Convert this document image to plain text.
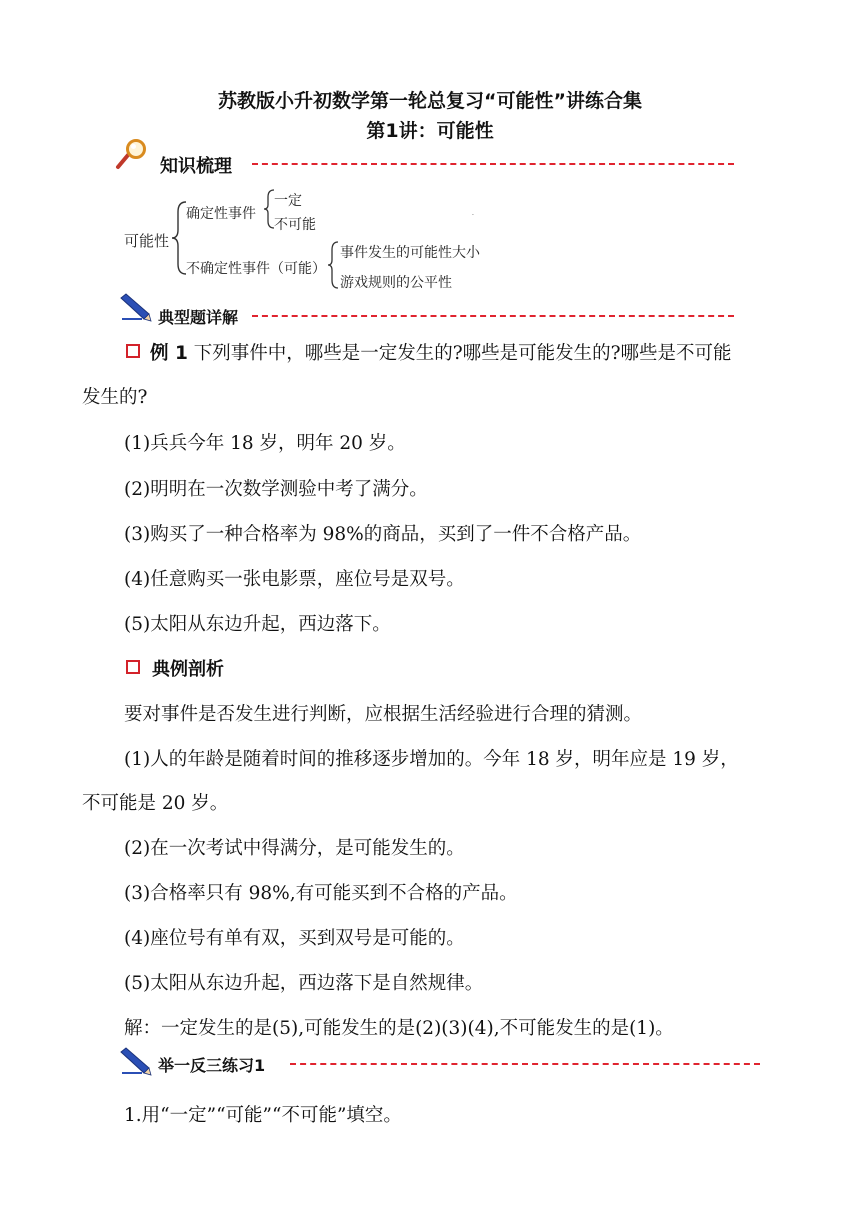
苏教版小升初数学第一轮总复习“可能性”讲练合集
第1讲：可能性
知识梳理
可能性
确定性事件
一定
不可能
.
不确定性事件（可能）
事件发生的可能性大小
游戏规则的公平性
典型题详解
例 1 下列事件中，哪些是一定发生的?哪些是可能发生的?哪些是不可能
发生的?
(1)兵兵今年 18 岁，明年 20 岁。
(2)明明在一次数学测验中考了满分。
(3)购买了一种合格率为 98%的商品，买到了一件不合格产品。
(4)任意购买一张电影票，座位号是双号。
(5)太阳从东边升起，西边落下。
典例剖析
要对事件是否发生进行判断，应根据生活经验进行合理的猜测。
(1)人的年龄是随着时间的推移逐步增加的。今年 18 岁，明年应是 19 岁，
不可能是 20 岁。
(2)在一次考试中得满分，是可能发生的。
(3)合格率只有 98%,有可能买到不合格的产品。
(4)座位号有单有双，买到双号是可能的。
(5)太阳从东边升起，西边落下是自然规律。
解：一定发生的是(5),可能发生的是(2)(3)(4),不可能发生的是(1)。
举一反三练习1
1.用“一定”“可能”“不可能”填空。
